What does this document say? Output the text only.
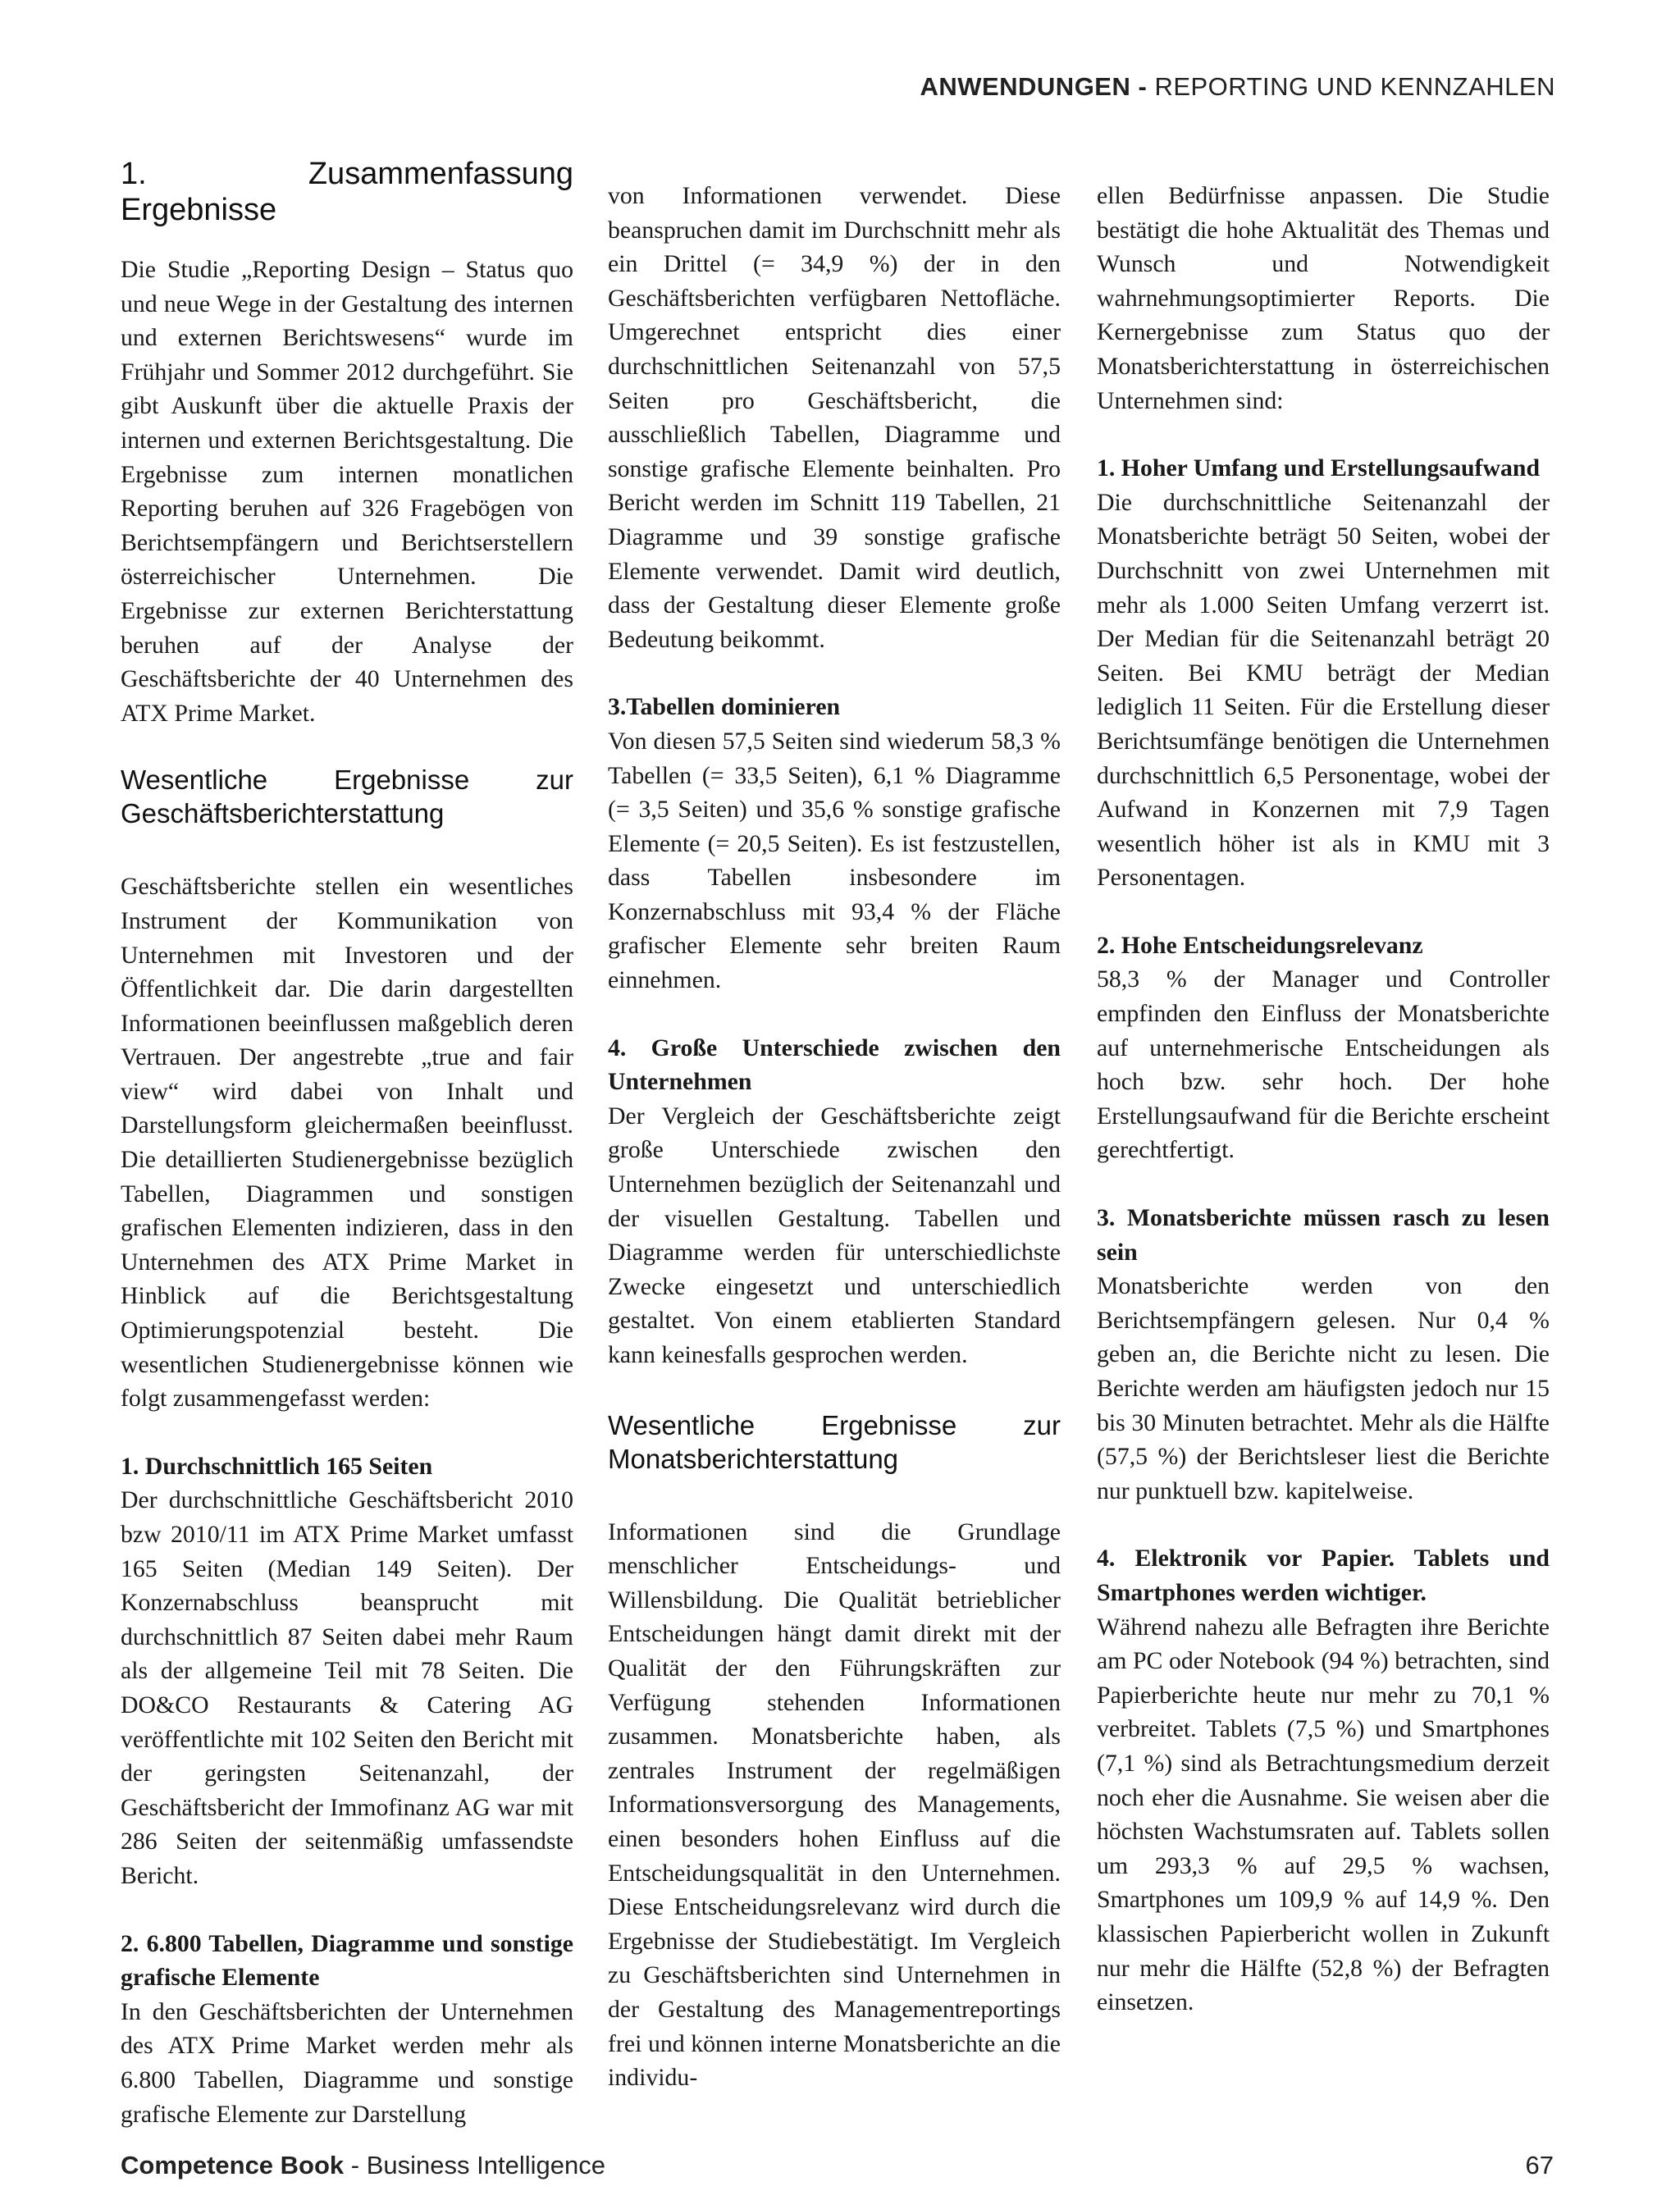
ANWENDUNGEN - REPORTING UND KENNZAHLEN
1. Zusammenfassung Ergebnisse

Die Studie „Reporting Design – Status quo und neue Wege in der Gestaltung des internen und externen Berichtswesens“ wurde im Frühjahr und Sommer 2012 durchgeführt. Sie gibt Auskunft über die aktuelle Praxis der internen und externen Berichtsgestaltung. Die Ergebnisse zum internen monatlichen Reporting beruhen auf 326 Fragebögen von Berichtsempfängern und Berichtserstellern österreichischer Unternehmen. Die Ergebnisse zur externen Berichterstattung beruhen auf der Analyse der Geschäftsberichte der 40 Unternehmen des ATX Prime Market.

Wesentliche Ergebnisse zur Geschäftsberichterstattung

Geschäftsberichte stellen ein wesentliches Instrument der Kommunikation von Unternehmen mit Investoren und der Öffentlichkeit dar. Die darin dargestellten Informationen beeinflussen maßgeblich deren Vertrauen. Der angestrebte „true and fair view“ wird dabei von Inhalt und Darstellungsform gleichermaßen beeinflusst. Die detaillierten Studienergebnisse bezüglich Tabellen, Diagrammen und sonstigen grafischen Elementen indizieren, dass in den Unternehmen des ATX Prime Market in Hinblick auf die Berichtsgestaltung Optimierungspotenzial besteht. Die wesentlichen Studienergebnisse können wie folgt zusammengefasst werden:

1. Durchschnittlich 165 Seiten

Der durchschnittliche Geschäftsbericht 2010 bzw 2010/11 im ATX Prime Market umfasst 165 Seiten (Median 149 Seiten). Der Konzernabschluss beansprucht mit durchschnittlich 87 Seiten dabei mehr Raum als der allgemeine Teil mit 78 Seiten. Die DO&CO Restaurants & Catering AG veröffentlichte mit 102 Seiten den Bericht mit der geringsten Seitenanzahl, der Geschäftsbericht der Immofinanz AG war mit 286 Seiten der seitenmäßig umfassendste Bericht.

2. 6.800 Tabellen, Diagramme und sonstige grafische Elemente

In den Geschäftsberichten der Unternehmen des ATX Prime Market werden mehr als 6.800 Tabellen, Diagramme und sonstige grafische Elemente zur Darstellung

von Informationen verwendet. Diese beanspruchen damit im Durchschnitt mehr als ein Drittel (= 34,9 %) der in den Geschäftsberichten verfügbaren Nettofläche. Umgerechnet entspricht dies einer durchschnittlichen Seitenanzahl von 57,5 Seiten pro Geschäftsbericht, die ausschließlich Tabellen, Diagramme und sonstige grafische Elemente beinhalten. Pro Bericht werden im Schnitt 119 Tabellen, 21 Diagramme und 39 sonstige grafische Elemente verwendet. Damit wird deutlich, dass der Gestaltung dieser Elemente große Bedeutung beikommt.

3.Tabellen dominieren

Von diesen 57,5 Seiten sind wiederum 58,3 % Tabellen (= 33,5 Seiten), 6,1 % Diagramme (= 3,5 Seiten) und 35,6 % sonstige grafische Elemente (= 20,5 Seiten). Es ist festzustellen, dass Tabellen insbesondere im Konzernabschluss mit 93,4 % der Fläche grafischer Elemente sehr breiten Raum einnehmen.

4. Große Unterschiede zwischen den Unternehmen

Der Vergleich der Geschäftsberichte zeigt große Unterschiede zwischen den Unternehmen bezüglich der Seitenanzahl und der visuellen Gestaltung. Tabellen und Diagramme werden für unterschiedlichste Zwecke eingesetzt und unterschiedlich gestaltet. Von einem etablierten Standard kann keinesfalls gesprochen werden.

Wesentliche Ergebnisse zur Monatsberichterstattung

Informationen sind die Grundlage menschlicher Entscheidungs- und Willensbildung. Die Qualität betrieblicher Entscheidungen hängt damit direkt mit der Qualität der den Führungskräften zur Verfügung stehenden Informationen zusammen. Monatsberichte haben, als zentrales Instrument der regelmäßigen Informationsversorgung des Managements, einen besonders hohen Einfluss auf die Entscheidungsqualität in den Unternehmen. Diese Entscheidungsrelevanz wird durch die Ergebnisse der Studiebestätigt. Im Vergleich zu Geschäftsberichten sind Unternehmen in der Gestaltung des Managementreportings frei und können interne Monatsberichte an die individu-

ellen Bedürfnisse anpassen. Die Studie bestätigt die hohe Aktualität des Themas und Wunsch und Notwendigkeit wahrnehmungsoptimierter Reports. Die Kernergebnisse zum Status quo der Monatsberichterstattung in österreichischen Unternehmen sind:

1. Hoher Umfang und Erstellungsaufwand

Die durchschnittliche Seitenanzahl der Monatsberichte beträgt 50 Seiten, wobei der Durchschnitt von zwei Unternehmen mit mehr als 1.000 Seiten Umfang verzerrt ist. Der Median für die Seitenanzahl beträgt 20 Seiten. Bei KMU beträgt der Median lediglich 11 Seiten. Für die Erstellung dieser Berichtsumfänge benötigen die Unternehmen durchschnittlich 6,5 Personentage, wobei der Aufwand in Konzernen mit 7,9 Tagen wesentlich höher ist als in KMU mit 3 Personentagen.

2. Hohe Entscheidungsrelevanz

58,3 % der Manager und Controller empfinden den Einfluss der Monatsberichte auf unternehmerische Entscheidungen als hoch bzw. sehr hoch. Der hohe Erstellungsaufwand für die Berichte erscheint gerechtfertigt.

3. Monatsberichte müssen rasch zu lesen sein

Monatsberichte werden von den Berichtsempfängern gelesen. Nur 0,4 % geben an, die Berichte nicht zu lesen. Die Berichte werden am häufigsten jedoch nur 15 bis 30 Minuten betrachtet. Mehr als die Hälfte (57,5 %) der Berichtsleser liest die Berichte nur punktuell bzw. kapitelweise.

4. Elektronik vor Papier. Tablets und Smartphones werden wichtiger.

Während nahezu alle Befragten ihre Berichte am PC oder Notebook (94 %) betrachten, sind Papierberichte heute nur mehr zu 70,1 % verbreitet. Tablets (7,5 %) und Smartphones (7,1 %) sind als Betrachtungsmedium derzeit noch eher die Ausnahme. Sie weisen aber die höchsten Wachstumsraten auf. Tablets sollen um 293,3 % auf 29,5 % wachsen, Smartphones um 109,9 % auf 14,9 %. Den klassischen Papierbericht wollen in Zukunft nur mehr die Hälfte (52,8 %) der Befragten einsetzen.

Competence Book - Business Intelligence	67
